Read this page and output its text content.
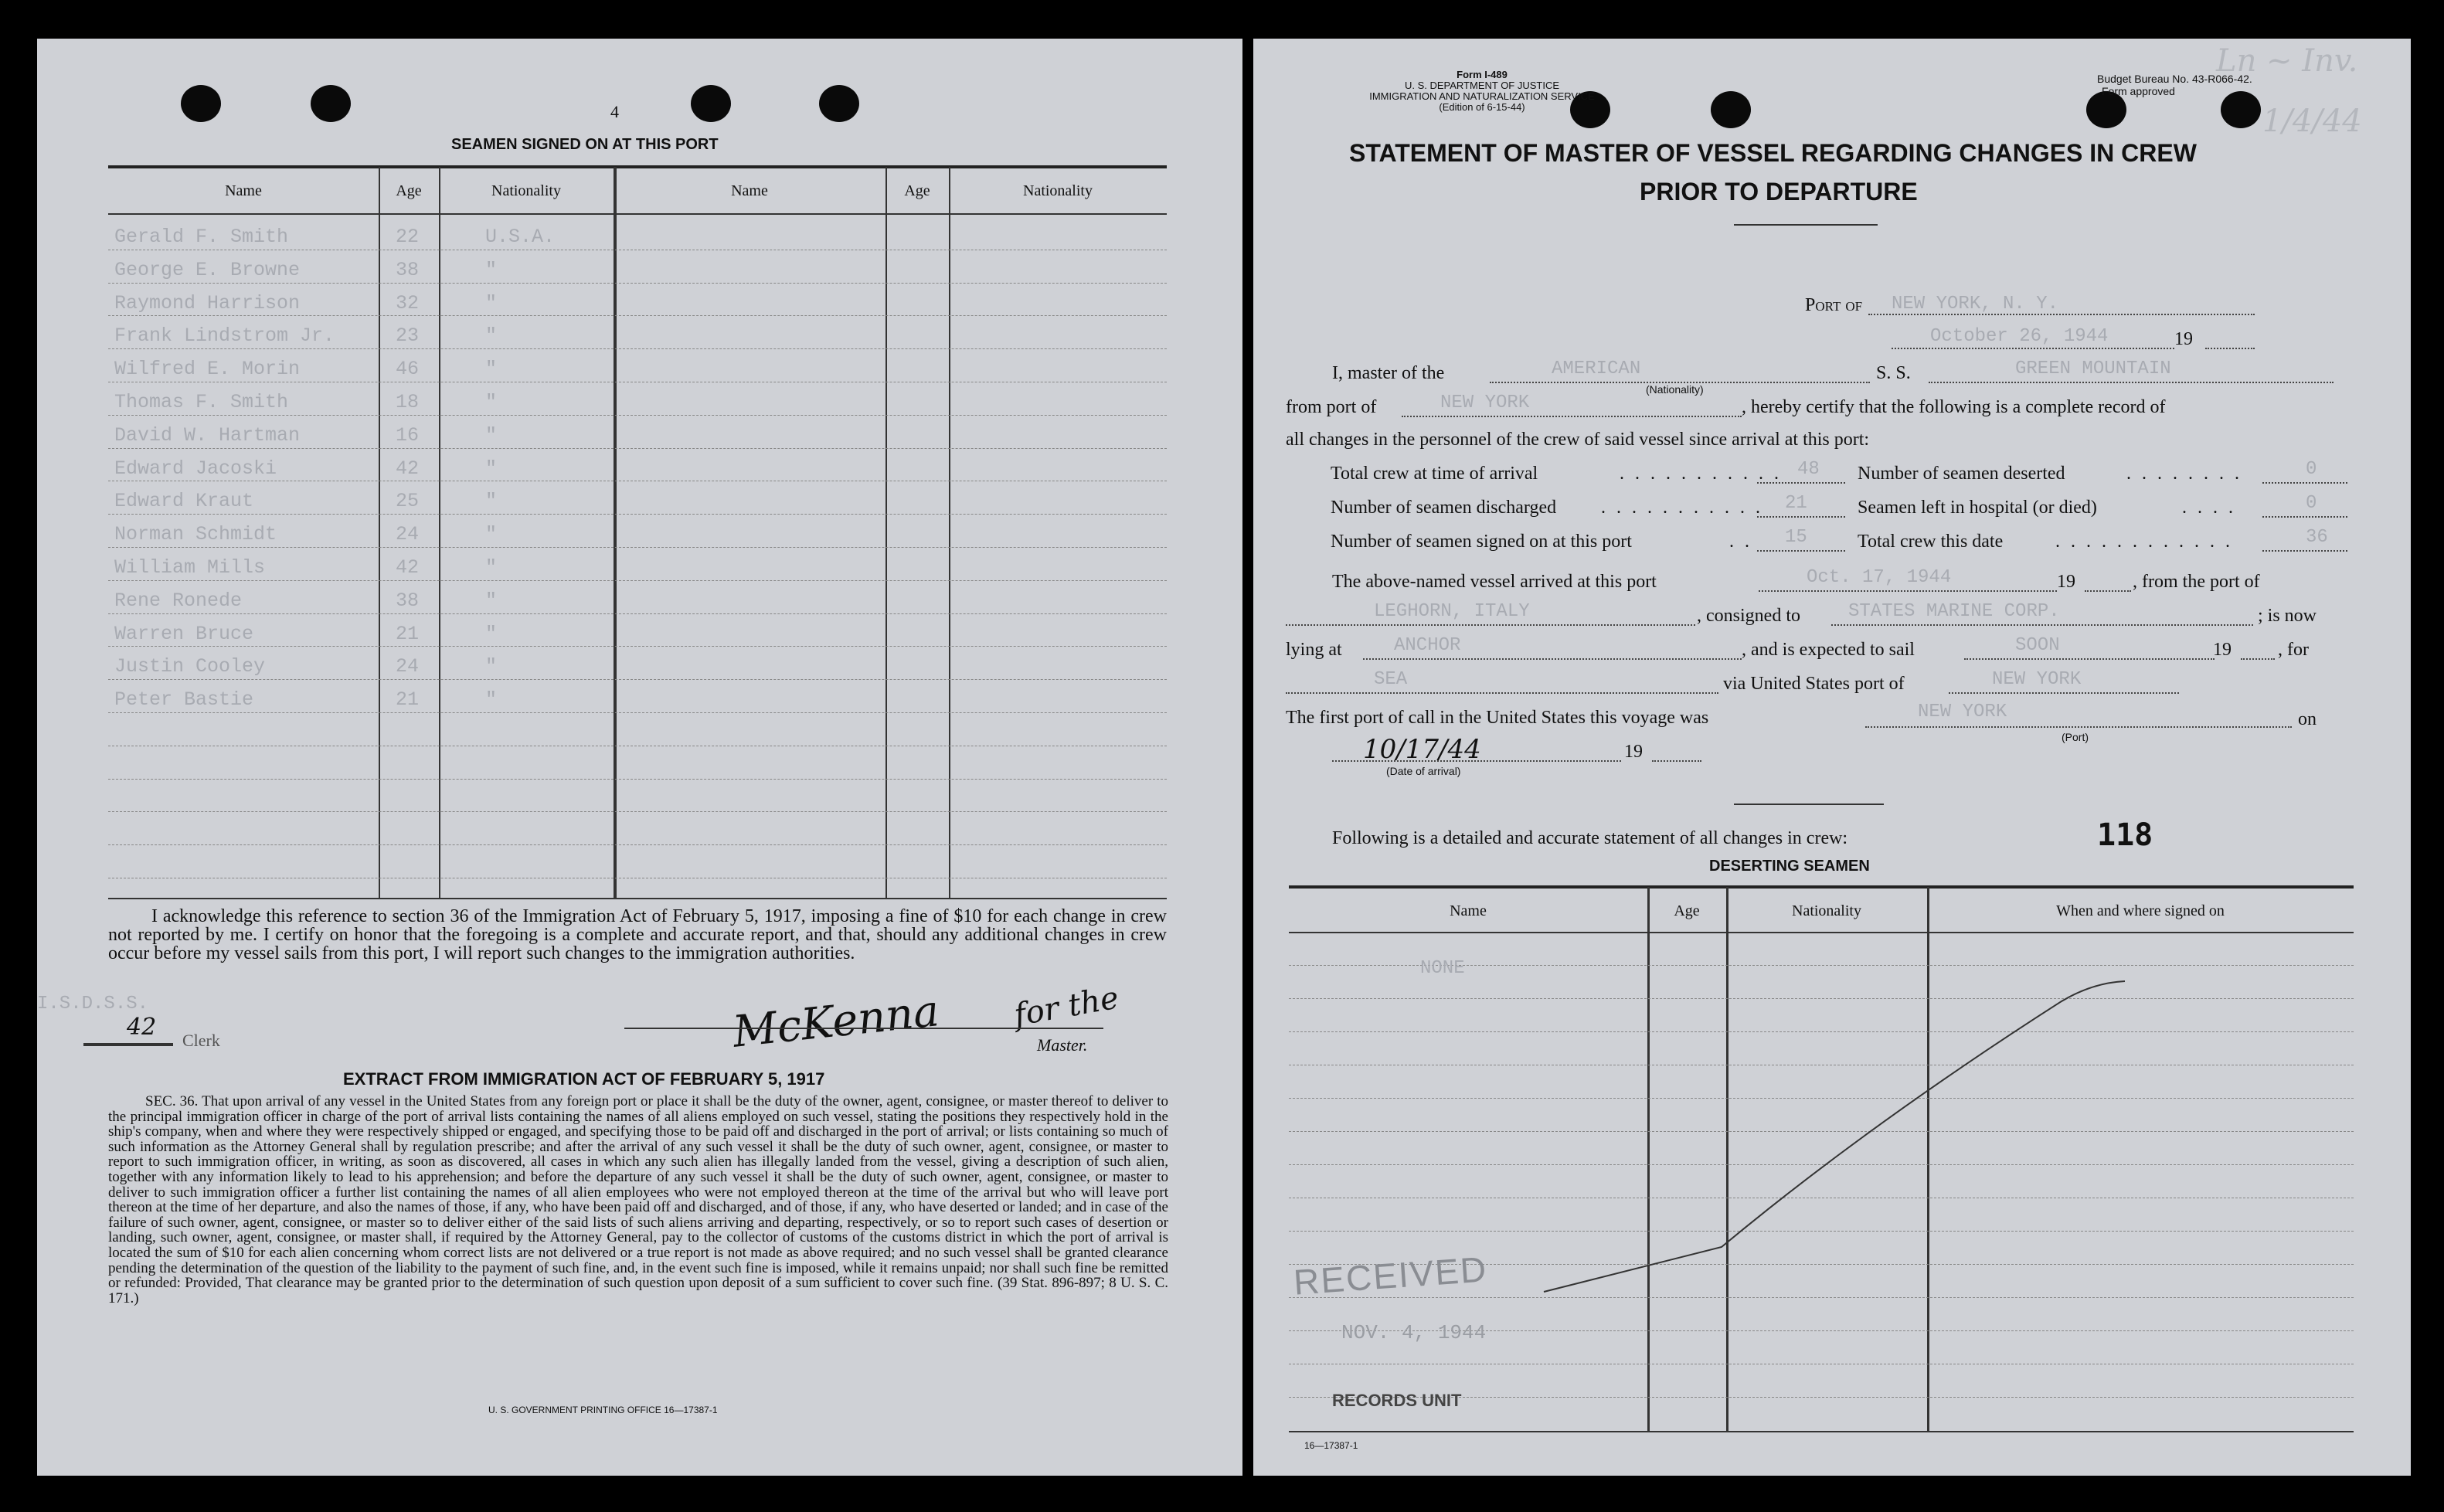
4
SEAMEN SIGNED ON AT THIS PORT
Name	Age	Nationality	Name	Age	Nationality
Gerald F. Smith	22	U.S.A.
George E. Browne	38	"
Raymond Harrison	32	"
Frank Lindstrom Jr.	23	"
Wilfred E. Morin	46	"
Thomas F. Smith	18	"
David W. Hartman	16	"
Edward Jacoski	42	"
Edward Kraut	25	"
Norman Schmidt	24	"
William Mills	42	"
Rene Ronede	38	"
Warren Bruce	21	"
Justin Cooley	24	"
Peter Bastie	21	"
I acknowledge this reference to section 36 of the Immigration Act of February 5, 1917, imposing a fine of $10 for each change in crew not reported by me. I certify on honor that the foregoing is a complete and accurate report, and that, should any additional changes in crew occur before my vessel sails from this port, I will report such changes to the immigration authorities.
I.S.D.S.S.
42 Clerk	McKenna for the
Master.
EXTRACT FROM IMMIGRATION ACT OF FEBRUARY 5, 1917
SEC. 36. That upon arrival of any vessel in the United States from any foreign port or place it shall be the duty of the owner, agent, consignee, or master thereof to deliver to the principal immigration officer in charge of the port of arrival lists containing the names of all aliens employed on such vessel, stating the positions they respectively hold in the ship's company, when and where they were respectively shipped or engaged, and specifying those to be paid off and discharged in the port of arrival; or lists containing so much of such information as the Attorney General shall by regulation prescribe; and after the arrival of any such vessel it shall be the duty of such owner, agent, consignee, or master to report to such immigration officer, in writing, as soon as discovered, all cases in which any such alien has illegally landed from the vessel, giving a description of such alien, together with any information likely to lead to his apprehension; and before the departure of any such vessel it shall be the duty of such owner, agent, consignee, or master to deliver to such immigration officer a further list containing the names of all alien employees who were not employed thereon at the time of the arrival but who will leave port thereon at the time of her departure, and also the names of those, if any, who have been paid off and discharged, and of those, if any, who have deserted or landed; and in case of the failure of such owner, agent, consignee, or master so to deliver either of the said lists of such aliens arriving and departing, respectively, or so to report such cases of desertion or landing, such owner, agent, consignee, or master shall, if required by the Attorney General, pay to the collector of customs of the customs district in which the port of arrival is located the sum of $10 for each alien concerning whom correct lists are not delivered or a true report is not made as above required; and no such vessel shall be granted clearance pending the determination of the question of the liability to the payment of such fine, and, in the event such fine is imposed, while it remains unpaid; nor shall such fine be remitted or refunded: Provided, That clearance may be granted prior to the determination of such question upon deposit of a sum sufficient to cover such fine. (39 Stat. 896-897; 8 U. S. C. 171.)
U. S. GOVERNMENT PRINTING OFFICE 16—17387-1
Form I-489
U. S. DEPARTMENT OF JUSTICE
IMMIGRATION AND NATURALIZATION SERVICE
(Edition of 6-15-44)
Budget Bureau No. 43-R066-42.
Form approved
Ln ~ Inv.
1/4/44
STATEMENT OF MASTER OF VESSEL REGARDING CHANGES IN CREW
PRIOR TO DEPARTURE
Port of NEW YORK, N. Y.
October 26, 1944	19
I, master of the	AMERICAN
(Nationality)
S. S.	GREEN MOUNTAIN
from port of	NEW YORK	, hereby certify that the following is a complete record of
all changes in the personnel of the crew of said vessel since arrival at this port:
Total crew at time of arrival	. . . . . . . . . . . 48
Number of seamen discharged . . . . . . . . . . . 21
Number of seamen signed on at this port	. . 15
Number of seamen deserted	. . . . . . . .	0
Seamen left in hospital (or died)	. . . .	0
Total crew this date	. . . . . . . . . . . .	36
The above-named vessel arrived at this port	Oct. 17, 1944	19	, from the port of
LEGHORN, ITALY	, consigned to	STATES MARINE CORP.	; is now
lying at	ANCHOR	, and is expected to sail	SOON	19	, for
SEA	via United States port of	NEW YORK
The first port of call in the United States this voyage was	NEW YORK
(Port)
on
10/17/44
(Date of arrival)
19
Following is a detailed and accurate statement of all changes in crew:	118
DESERTING SEAMEN
Name	Age	Nationality	When and where signed on
NONE
RECEIVED
NOV. 4, 1944
RECORDS UNIT
16—17387-1
